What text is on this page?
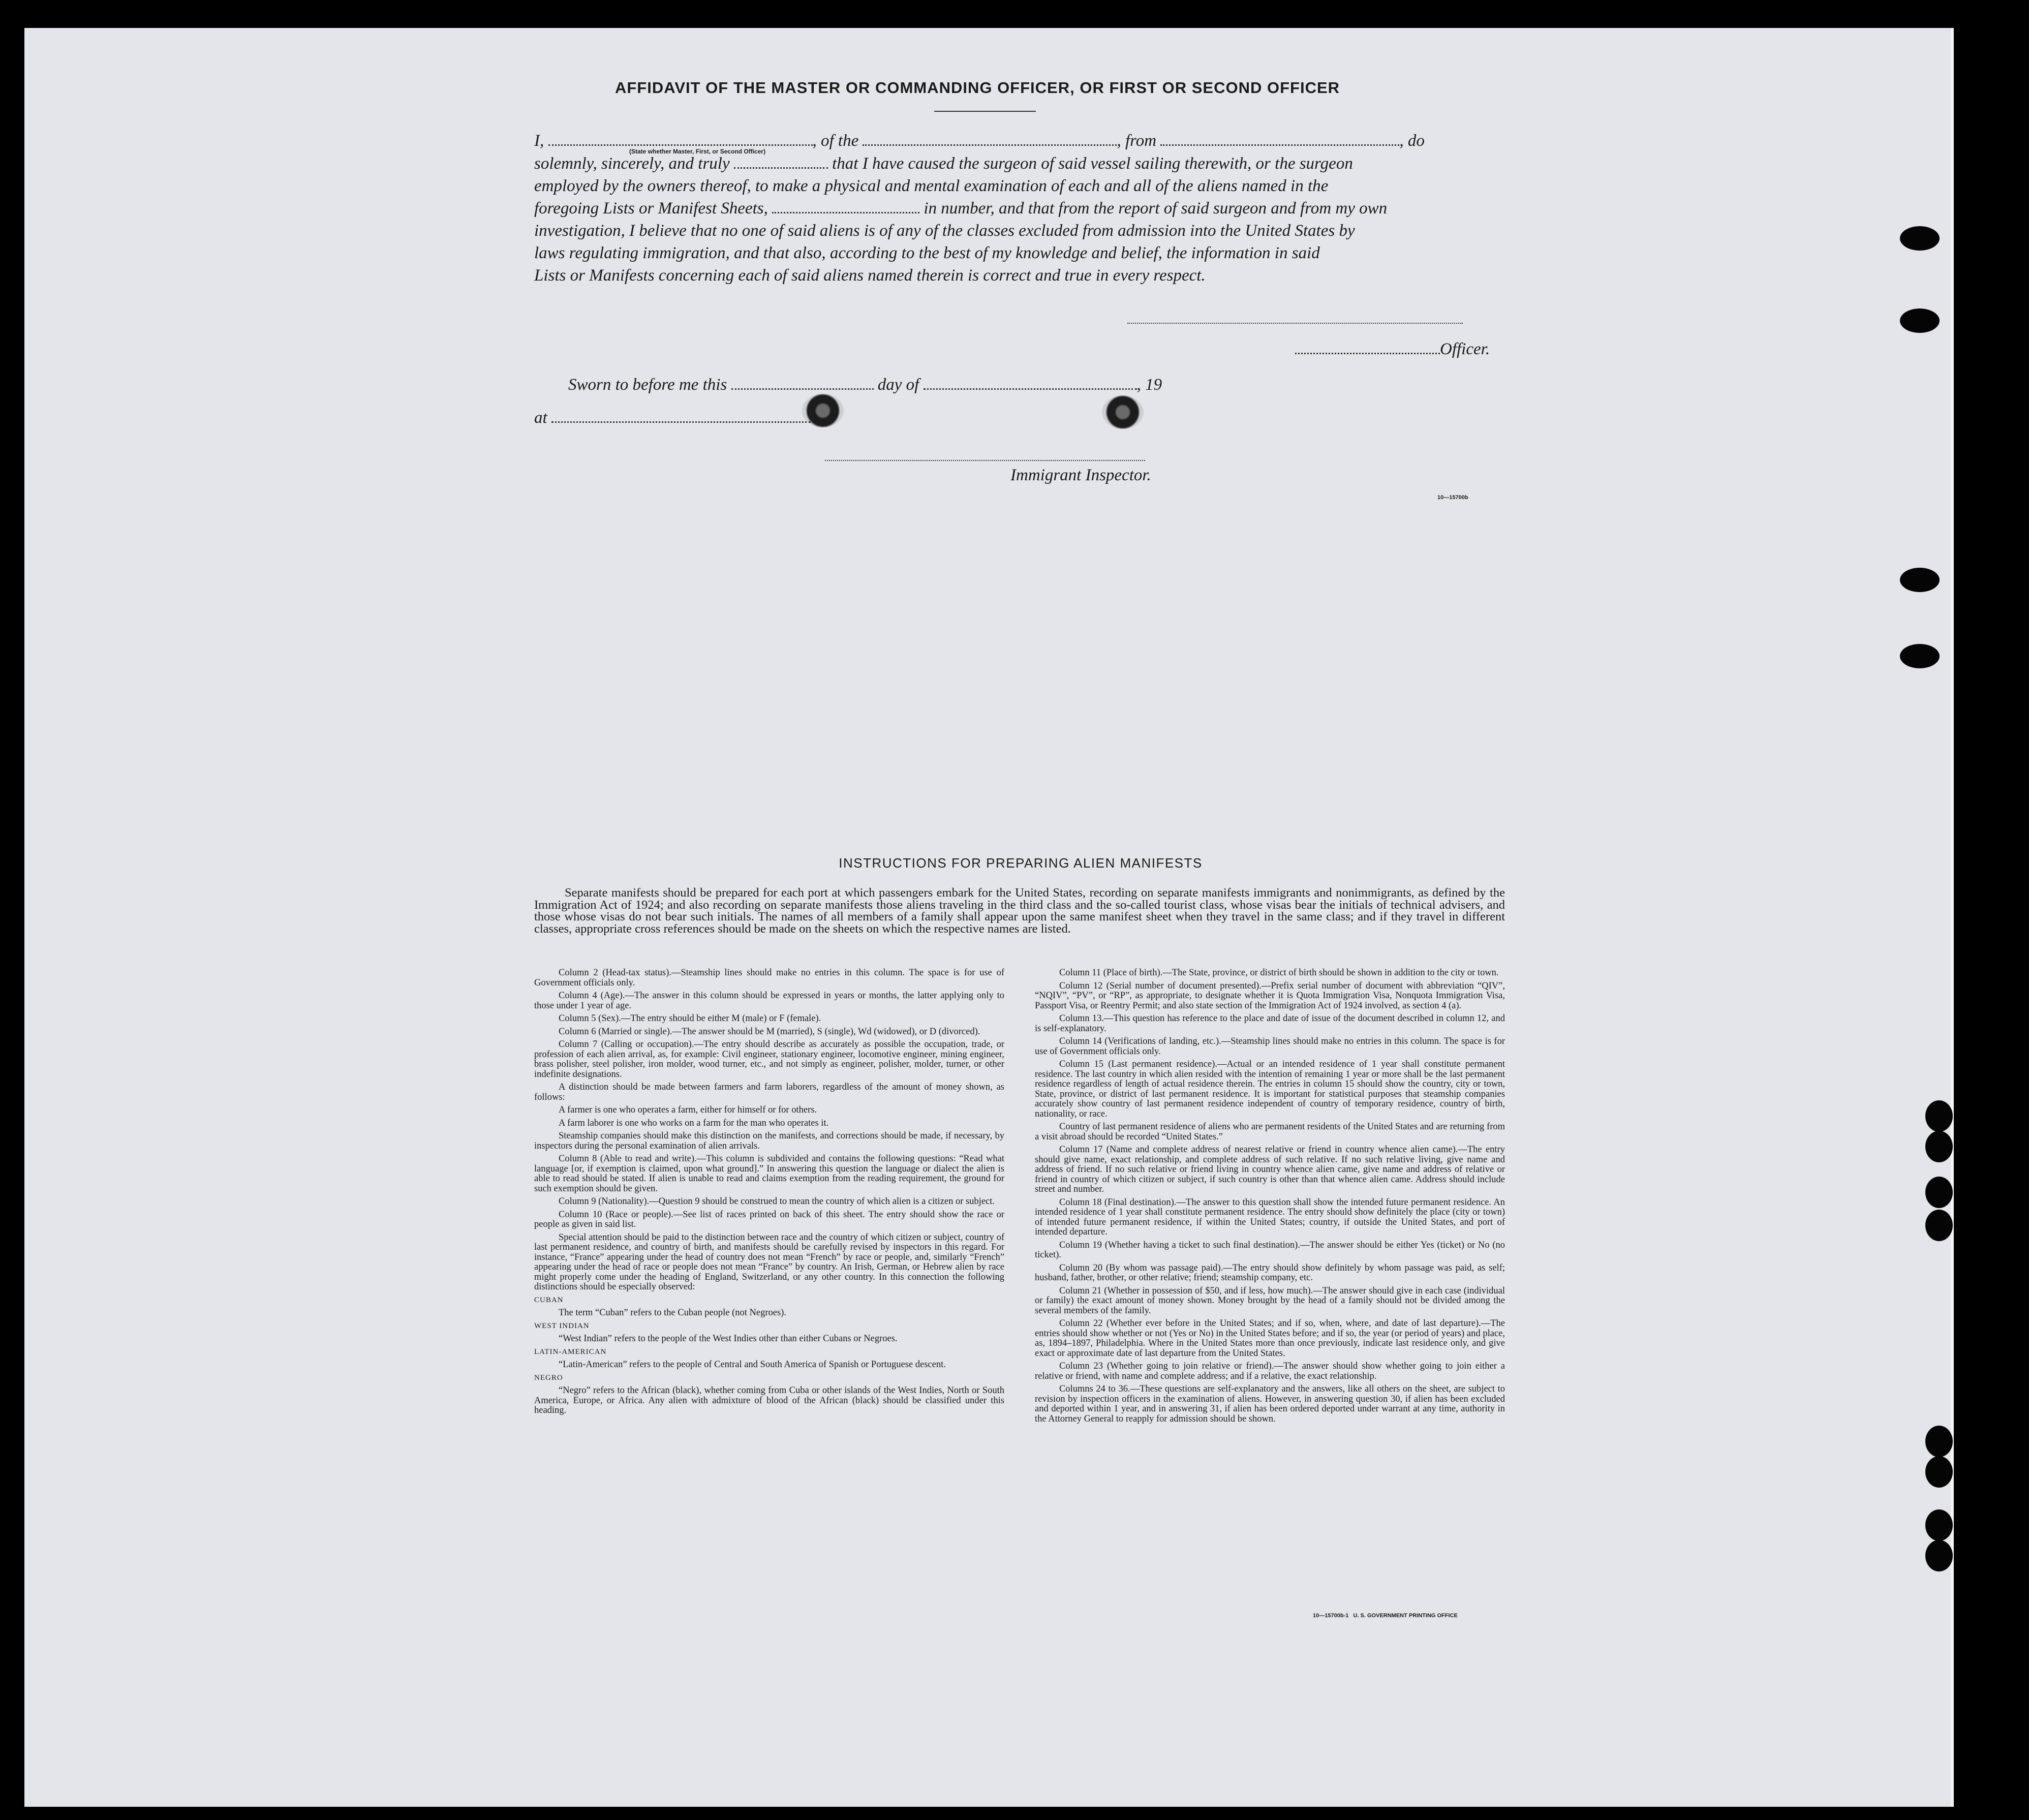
AFFIDAVIT OF THE MASTER OR COMMANDING OFFICER, OR FIRST OR SECOND OFFICER
I,	, of the	, from	, do
(State whether Master, First, or Second Officer)
solemnly, sincerely, and truly	that I have caused the surgeon of said vessel sailing therewith, or the surgeon
employed by the owners thereof, to make a physical and mental examination of each and all of the aliens named in the
foregoing Lists or Manifest Sheets,	in number, and that from the report of said surgeon and from my own
investigation, I believe that no one of said aliens is of any of the classes excluded from admission into the United States by
laws regulating immigration, and that also, according to the best of my knowledge and belief, the information in said
Lists or Manifests concerning each of said aliens named therein is correct and true in every respect.
Officer.
Sworn to before me this	day of	, 19
at
Immigrant Inspector.
10—15700b
INSTRUCTIONS FOR PREPARING ALIEN MANIFESTS
Separate manifests should be prepared for each port at which passengers embark for the United States, recording on separate manifests immigrants and nonimmigrants, as defined by the Immigration Act of 1924; and also recording on separate manifests those aliens traveling in the third class and the so-called tourist class, whose visas bear the initials of technical advisers, and those whose visas do not bear such initials. The names of all members of a family shall appear upon the same manifest sheet when they travel in the same class; and if they travel in different classes, appropriate cross references should be made on the sheets on which the respective names are listed.

Column 2 (Head-tax status).—Steamship lines should make no entries in this column. The space is for use of Government officials only.

Column 4 (Age).—The answer in this column should be expressed in years or months, the latter applying only to those under 1 year of age.

Column 5 (Sex).—The entry should be either M (male) or F (female).

Column 6 (Married or single).—The answer should be M (married), S (single), Wd (widowed), or D (divorced).

Column 7 (Calling or occupation).—The entry should describe as accurately as possible the occupation, trade, or profession of each alien arrival, as, for example: Civil engineer, stationary engineer, locomotive engineer, mining engineer, brass polisher, steel polisher, iron molder, wood turner, etc., and not simply as engineer, polisher, molder, turner, or other indefinite designations.

A distinction should be made between farmers and farm laborers, regardless of the amount of money shown, as follows:

A farmer is one who operates a farm, either for himself or for others.

A farm laborer is one who works on a farm for the man who operates it.

Steamship companies should make this distinction on the manifests, and corrections should be made, if necessary, by inspectors during the personal examination of alien arrivals.

Column 8 (Able to read and write).—This column is subdivided and contains the following questions: “Read what language [or, if exemption is claimed, upon what ground].” In answering this question the language or dialect the alien is able to read should be stated. If alien is unable to read and claims exemption from the reading requirement, the ground for such exemption should be given.

Column 9 (Nationality).—Question 9 should be construed to mean the country of which alien is a citizen or subject.

Column 10 (Race or people).—See list of races printed on back of this sheet. The entry should show the race or people as given in said list.

Special attention should be paid to the distinction between race and the country of which citizen or subject, country of last permanent residence, and country of birth, and manifests should be carefully revised by inspectors in this regard. For instance, “France” appearing under the head of country does not mean “French” by race or people, and, similarly “French” appearing under the head of race or people does not mean “France” by country. An Irish, German, or Hebrew alien by race might properly come under the heading of England, Switzerland, or any other country. In this connection the following distinctions should be especially observed:

CUBAN

The term “Cuban” refers to the Cuban people (not Negroes).

WEST INDIAN

“West Indian” refers to the people of the West Indies other than either Cubans or Negroes.

LATIN-AMERICAN

“Latin-American” refers to the people of Central and South America of Spanish or Portuguese descent.

NEGRO

“Negro” refers to the African (black), whether coming from Cuba or other islands of the West Indies, North or South America, Europe, or Africa. Any alien with admixture of blood of the African (black) should be classified under this heading.

Column 11 (Place of birth).—The State, province, or district of birth should be shown in addition to the city or town.

Column 12 (Serial number of document presented).—Prefix serial number of document with abbreviation “QIV”, “NQIV”, “PV”, or “RP”, as appropriate, to designate whether it is Quota Immigration Visa, Nonquota Immigration Visa, Passport Visa, or Reentry Permit; and also state section of the Immigration Act of 1924 involved, as section 4 (a).

Column 13.—This question has reference to the place and date of issue of the document described in column 12, and is self-explanatory.

Column 14 (Verifications of landing, etc.).—Steamship lines should make no entries in this column. The space is for use of Government officials only.

Column 15 (Last permanent residence).—Actual or an intended residence of 1 year shall constitute permanent residence. The last country in which alien resided with the intention of remaining 1 year or more shall be the last permanent residence regardless of length of actual residence therein. The entries in column 15 should show the country, city or town, State, province, or district of last permanent residence. It is important for statistical purposes that steamship companies accurately show country of last permanent residence independent of country of temporary residence, country of birth, nationality, or race.

Country of last permanent residence of aliens who are permanent residents of the United States and are returning from a visit abroad should be recorded “United States.”

Column 17 (Name and complete address of nearest relative or friend in country whence alien came).—The entry should give name, exact relationship, and complete address of such relative. If no such relative living, give name and address of friend. If no such relative or friend living in country whence alien came, give name and address of relative or friend in country of which citizen or subject, if such country is other than that whence alien came. Address should include street and number.

Column 18 (Final destination).—The answer to this question shall show the intended future permanent residence. An intended residence of 1 year shall constitute permanent residence. The entry should show definitely the place (city or town) of intended future permanent residence, if within the United States; country, if outside the United States, and port of intended departure.

Column 19 (Whether having a ticket to such final destination).—The answer should be either Yes (ticket) or No (no ticket).

Column 20 (By whom was passage paid).—The entry should show definitely by whom passage was paid, as self; husband, father, brother, or other relative; friend; steamship company, etc.

Column 21 (Whether in possession of $50, and if less, how much).—The answer should give in each case (individual or family) the exact amount of money shown. Money brought by the head of a family should not be divided among the several members of the family.

Column 22 (Whether ever before in the United States; and if so, when, where, and date of last departure).—The entries should show whether or not (Yes or No) in the United States before; and if so, the year (or period of years) and place, as, 1894–1897, Philadelphia. Where in the United States more than once previously, indicate last residence only, and give exact or approximate date of last departure from the United States.

Column 23 (Whether going to join relative or friend).—The answer should show whether going to join either a relative or friend, with name and complete address; and if a relative, the exact relationship.

Columns 24 to 36.—These questions are self-explanatory and the answers, like all others on the sheet, are subject to revision by inspection officers in the examination of aliens. However, in answering question 30, if alien has been excluded and deported within 1 year, and in answering 31, if alien has been ordered deported under warrant at any time, authority in the Attorney General to reapply for admission should be shown.

10—15700b-1   U. S. GOVERNMENT PRINTING OFFICE
